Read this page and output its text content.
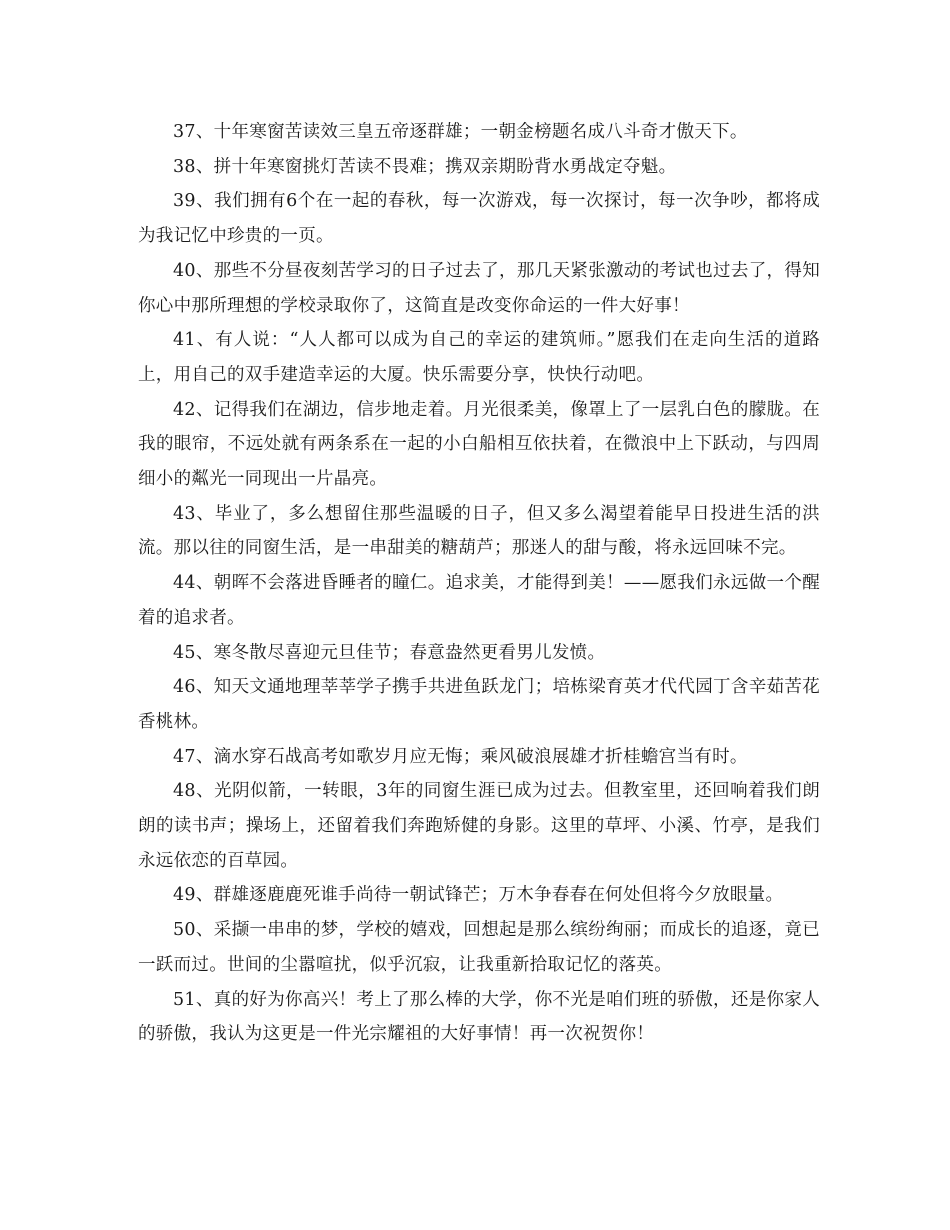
37、十年寒窗苦读效三皇五帝逐群雄；一朝金榜题名成八斗奇才傲天下。

38、拼十年寒窗挑灯苦读不畏难；携双亲期盼背水勇战定夺魁。

39、我们拥有6个在一起的春秋，每一次游戏，每一次探讨，每一次争吵，都将成为我记忆中珍贵的一页。

40、那些不分昼夜刻苦学习的日子过去了，那几天紧张激动的考试也过去了，得知你心中那所理想的学校录取你了，这简直是改变你命运的一件大好事！

41、有人说：“人人都可以成为自己的幸运的建筑师。”愿我们在走向生活的道路上，用自己的双手建造幸运的大厦。快乐需要分享，快快行动吧。

42、记得我们在湖边，信步地走着。月光很柔美，像罩上了一层乳白色的朦胧。在我的眼帘，不远处就有两条系在一起的小白船相互依扶着，在微浪中上下跃动，与四周细小的粼光一同现出一片晶亮。

43、毕业了，多么想留住那些温暖的日子，但又多么渴望着能早日投进生活的洪流。那以往的同窗生活，是一串甜美的糖葫芦；那迷人的甜与酸，将永远回味不完。

44、朝晖不会落进昏睡者的瞳仁。追求美，才能得到美！——愿我们永远做一个醒着的追求者。

45、寒冬散尽喜迎元旦佳节；春意盎然更看男儿发愤。

46、知天文通地理莘莘学子携手共进鱼跃龙门；培栋梁育英才代代园丁含辛茹苦花香桃林。

47、滴水穿石战高考如歌岁月应无悔；乘风破浪展雄才折桂蟾宫当有时。

48、光阴似箭，一转眼，3年的同窗生涯已成为过去。但教室里，还回响着我们朗朗的读书声；操场上，还留着我们奔跑矫健的身影。这里的草坪、小溪、竹亭，是我们永远依恋的百草园。

49、群雄逐鹿鹿死谁手尚待一朝试锋芒；万木争春春在何处但将今夕放眼量。

50、采撷一串串的梦，学校的嬉戏，回想起是那么缤纷绚丽；而成长的追逐，竟已一跃而过。世间的尘嚣喧扰，似乎沉寂，让我重新拾取记忆的落英。

51、真的好为你高兴！考上了那么棒的大学，你不光是咱们班的骄傲，还是你家人的骄傲，我认为这更是一件光宗耀祖的大好事情！再一次祝贺你！
